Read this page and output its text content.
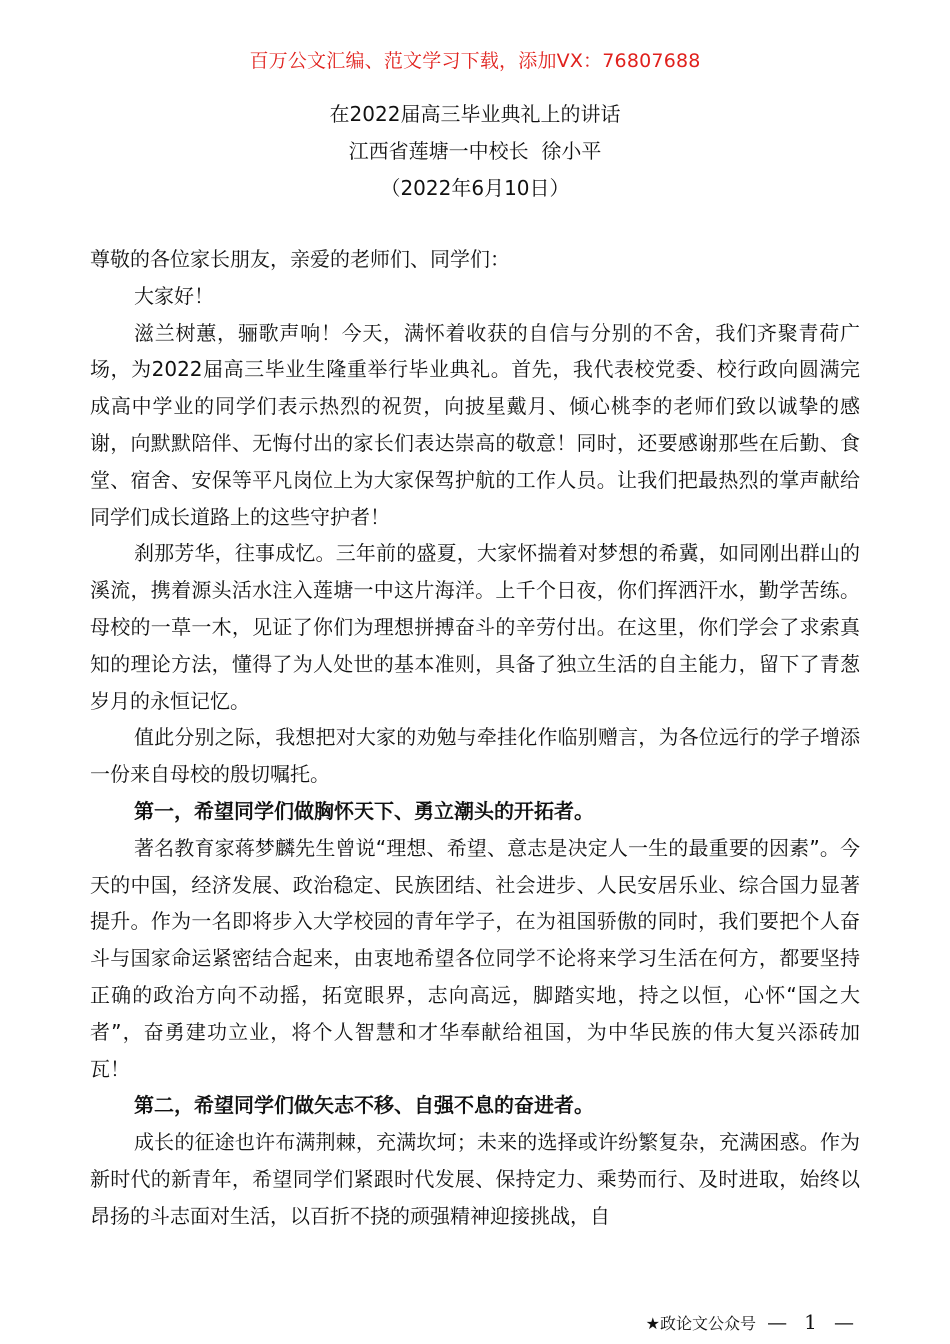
百万公文汇编、范文学习下载，添加VX：76807688
在2022届高三毕业典礼上的讲话
江西省莲塘一中校长  徐小平
（2022年6月10日）

尊敬的各位家长朋友，亲爱的老师们、同学们：

大家好！

滋兰树蕙，骊歌声响！今天，满怀着收获的自信与分别的不舍，我们齐聚青荷广场，为2022届高三毕业生隆重举行毕业典礼。首先，我代表校党委、校行政向圆满完成高中学业的同学们表示热烈的祝贺，向披星戴月、倾心桃李的老师们致以诚挚的感谢，向默默陪伴、无悔付出的家长们表达崇高的敬意！同时，还要感谢那些在后勤、食堂、宿舍、安保等平凡岗位上为大家保驾护航的工作人员。让我们把最热烈的掌声献给同学们成长道路上的这些守护者！

刹那芳华，往事成忆。三年前的盛夏，大家怀揣着对梦想的希冀，如同刚出群山的溪流，携着源头活水注入莲塘一中这片海洋。上千个日夜，你们挥洒汗水，勤学苦练。母校的一草一木，见证了你们为理想拼搏奋斗的辛劳付出。在这里，你们学会了求索真知的理论方法，懂得了为人处世的基本准则，具备了独立生活的自主能力，留下了青葱岁月的永恒记忆。

值此分别之际，我想把对大家的劝勉与牵挂化作临别赠言，为各位远行的学子增添一份来自母校的殷切嘱托。

第一，希望同学们做胸怀天下、勇立潮头的开拓者。

著名教育家蒋梦麟先生曾说“理想、希望、意志是决定人一生的最重要的因素”。今天的中国，经济发展、政治稳定、民族团结、社会进步、人民安居乐业、综合国力显著提升。作为一名即将步入大学校园的青年学子，在为祖国骄傲的同时，我们要把个人奋斗与国家命运紧密结合起来，由衷地希望各位同学不论将来学习生活在何方，都要坚持正确的政治方向不动摇，拓宽眼界，志向高远，脚踏实地，持之以恒，心怀“国之大者”，奋勇建功立业，将个人智慧和才华奉献给祖国，为中华民族的伟大复兴添砖加瓦！

第二，希望同学们做矢志不移、自强不息的奋进者。

成长的征途也许布满荆棘，充满坎坷；未来的选择或许纷繁复杂，充满困惑。作为新时代的新青年，希望同学们紧跟时代发展、保持定力、乘势而行、及时进取，始终以昂扬的斗志面对生活，以百折不挠的顽强精神迎接挑战，自

★政论文公众号 — 1 —
